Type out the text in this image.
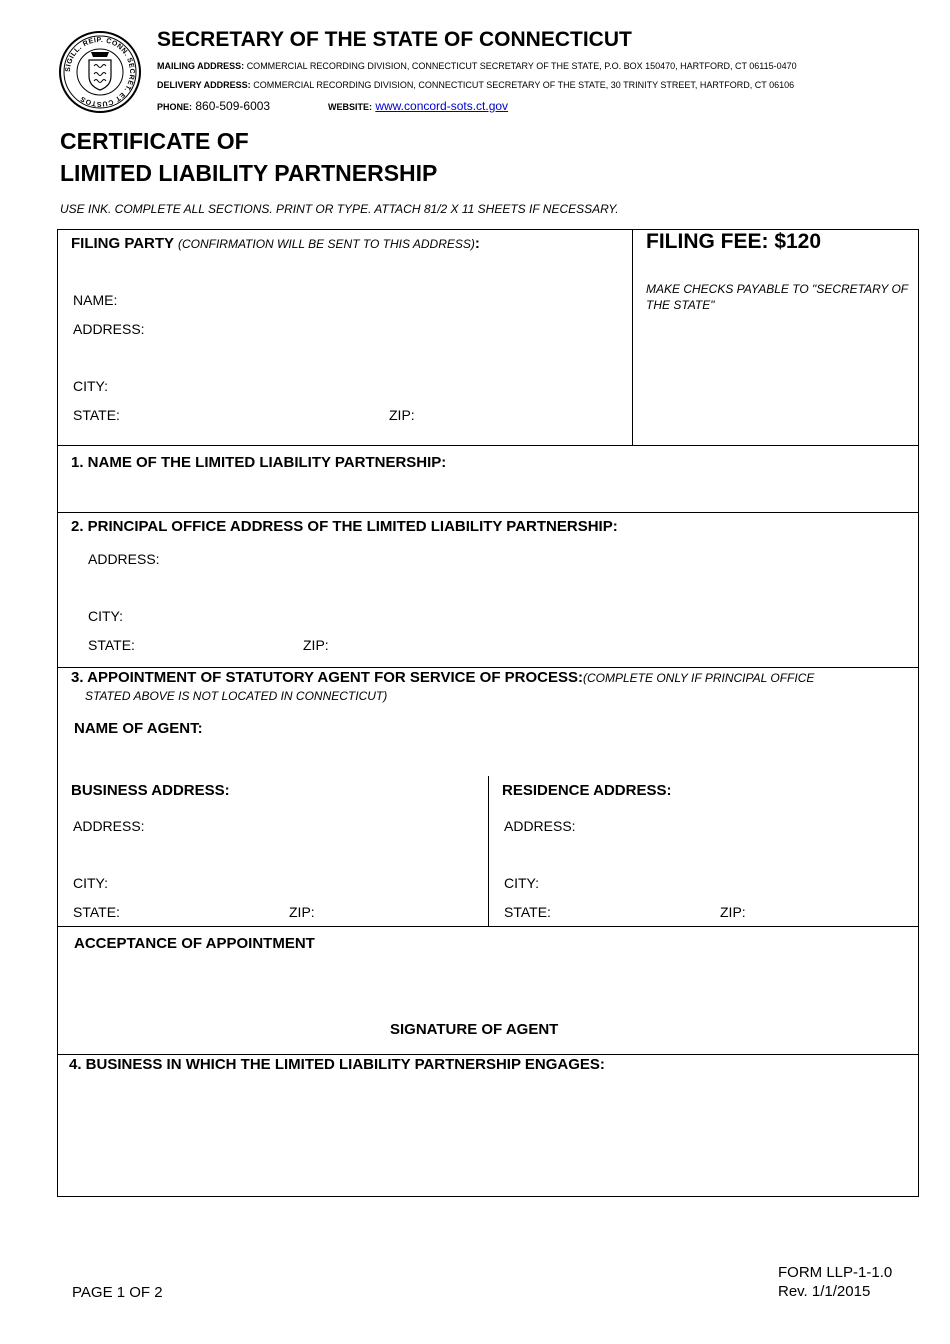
SIGILL. REIP. CONN. SECRET. ET CUSTOS
SECRETARY OF THE STATE OF CONNECTICUT
MAILING ADDRESS: COMMERCIAL RECORDING DIVISION, CONNECTICUT SECRETARY OF THE STATE, P.O. BOX 150470, HARTFORD, CT 06115-0470
DELIVERY ADDRESS: COMMERCIAL RECORDING DIVISION, CONNECTICUT SECRETARY OF THE STATE, 30 TRINITY STREET, HARTFORD, CT 06106
PHONE: 860-509-6003	WEBSITE: www.concord-sots.ct.gov
CERTIFICATE OF
LIMITED LIABILITY PARTNERSHIP
USE INK. COMPLETE ALL SECTIONS. PRINT OR TYPE. ATTACH 81/2 X 11 SHEETS IF NECESSARY.
FILING PARTY (CONFIRMATION WILL BE SENT TO THIS ADDRESS):
NAME:
ADDRESS:
CITY:
STATE:	ZIP:
FILING FEE: $120
MAKE CHECKS PAYABLE TO "SECRETARY OF THE STATE"
1. NAME OF THE LIMITED LIABILITY PARTNERSHIP:
2. PRINCIPAL OFFICE ADDRESS OF THE LIMITED LIABILITY PARTNERSHIP:
ADDRESS:
CITY:
STATE:	ZIP:
3. APPOINTMENT OF STATUTORY AGENT FOR SERVICE OF PROCESS:(COMPLETE ONLY IF PRINCIPAL OFFICE
STATED ABOVE IS NOT LOCATED IN CONNECTICUT)
NAME OF AGENT:
BUSINESS ADDRESS:
ADDRESS:
CITY:
STATE:	ZIP:
RESIDENCE ADDRESS:
ADDRESS:
CITY:
STATE:	ZIP:
ACCEPTANCE OF APPOINTMENT
SIGNATURE OF AGENT
4. BUSINESS IN WHICH THE LIMITED LIABILITY PARTNERSHIP ENGAGES:
PAGE 1 OF 2
FORM LLP-1-1.0
Rev. 1/1/2015
